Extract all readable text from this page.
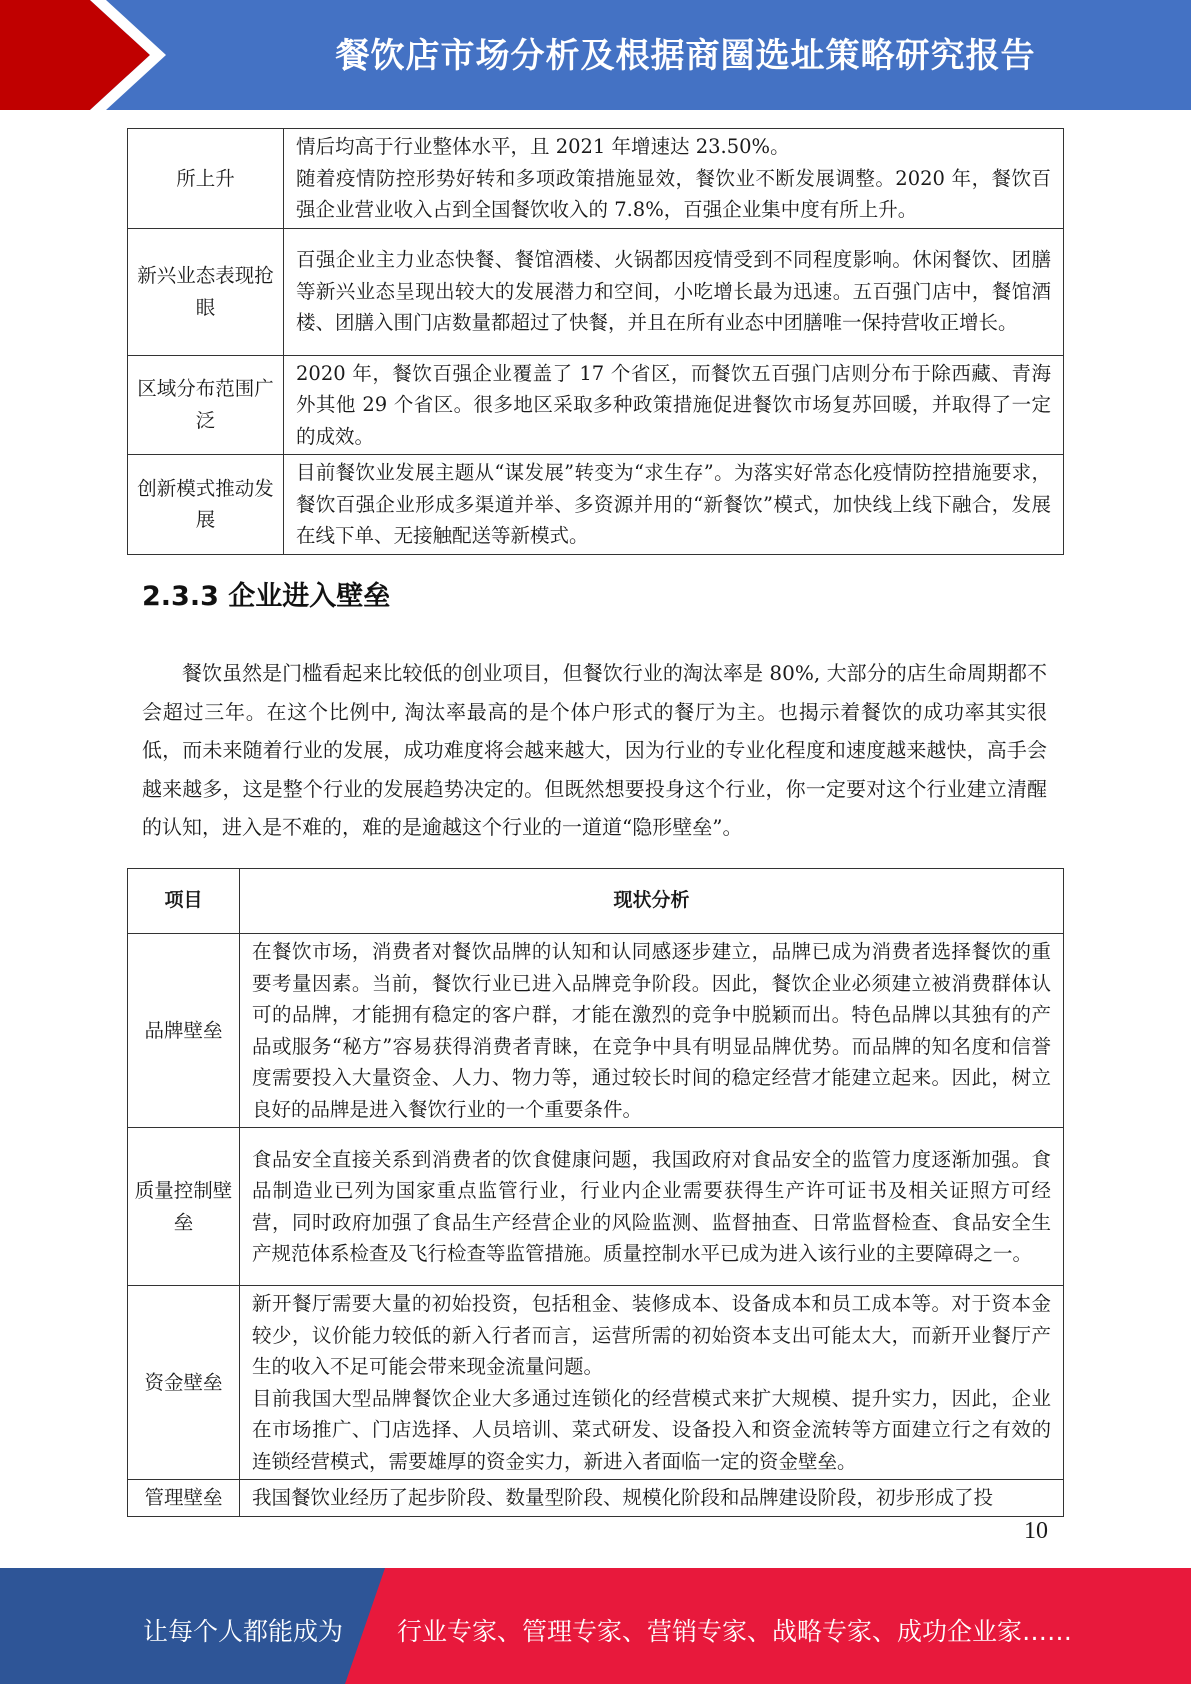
餐饮店市场分析及根据商圈选址策略研究报告
所上升	情后均高于行业整体水平，且 2021 年增速达 23.50%。

随着疫情防控形势好转和多项政策措施显效，餐饮业不断发展调整。2020 年，餐饮百强企业营业收入占到全国餐饮收入的 7.8%，百强企业集中度有所上升。

新兴业态表现抢眼	百强企业主力业态快餐、餐馆酒楼、火锅都因疫情受到不同程度影响。休闲餐饮、团膳等新兴业态呈现出较大的发展潜力和空间，小吃增长最为迅速。五百强门店中，餐馆酒楼、团膳入围门店数量都超过了快餐，并且在所有业态中团膳唯一保持营收正增长。

区域分布范围广泛	2020 年，餐饮百强企业覆盖了 17 个省区，而餐饮五百强门店则分布于除西藏、青海外其他 29 个省区。很多地区采取多种政策措施促进餐饮市场复苏回暖，并取得了一定的成效。

创新模式推动发展	目前餐饮业发展主题从“谋发展”转变为“求生存”。为落实好常态化疫情防控措施要求，餐饮百强企业形成多渠道并举、多资源并用的“新餐饮”模式，加快线上线下融合，发展在线下单、无接触配送等新模式。

2.3.3 企业进入壁垒

餐饮虽然是门槛看起来比较低的创业项目，但餐饮行业的淘汰率是 80%, 大部分的店生命周期都不会超过三年。在这个比例中, 淘汰率最高的是个体户形式的餐厅为主。也揭示着餐饮的成功率其实很低，而未来随着行业的发展，成功难度将会越来越大，因为行业的专业化程度和速度越来越快，高手会越来越多，这是整个行业的发展趋势决定的。但既然想要投身这个行业，你一定要对这个行业建立清醒的认知，进入是不难的，难的是逾越这个行业的一道道“隐形壁垒”。

项目	现状分析
品牌壁垒	在餐饮市场，消费者对餐饮品牌的认知和认同感逐步建立，品牌已成为消费者选择餐饮的重要考量因素。当前，餐饮行业已进入品牌竞争阶段。因此，餐饮企业必须建立被消费群体认可的品牌，才能拥有稳定的客户群，才能在激烈的竞争中脱颖而出。特色品牌以其独有的产品或服务“秘方”容易获得消费者青睐，在竞争中具有明显品牌优势。而品牌的知名度和信誉度需要投入大量资金、人力、物力等，通过较长时间的稳定经营才能建立起来。因此，树立良好的品牌是进入餐饮行业的一个重要条件。

质量控制壁垒	食品安全直接关系到消费者的饮食健康问题，我国政府对食品安全的监管力度逐渐加强。食品制造业已列为国家重点监管行业，行业内企业需要获得生产许可证书及相关证照方可经营，同时政府加强了食品生产经营企业的风险监测、监督抽查、日常监督检查、食品安全生产规范体系检查及飞行检查等监管措施。质量控制水平已成为进入该行业的主要障碍之一。

资金壁垒	新开餐厅需要大量的初始投资，包括租金、装修成本、设备成本和员工成本等。对于资本金较少，议价能力较低的新入行者而言，运营所需的初始资本支出可能太大，而新开业餐厅产生的收入不足可能会带来现金流量问题。

目前我国大型品牌餐饮企业大多通过连锁化的经营模式来扩大规模、提升实力，因此，企业在市场推广、门店选择、人员培训、菜式研发、设备投入和资金流转等方面建立行之有效的连锁经营模式，需要雄厚的资金实力，新进入者面临一定的资金壁垒。

管理壁垒	我国餐饮业经历了起步阶段、数量型阶段、规模化阶段和品牌建设阶段，初步形成了投

10
让每个人都能成为 行业专家、管理专家、营销专家、战略专家、成功企业家……
